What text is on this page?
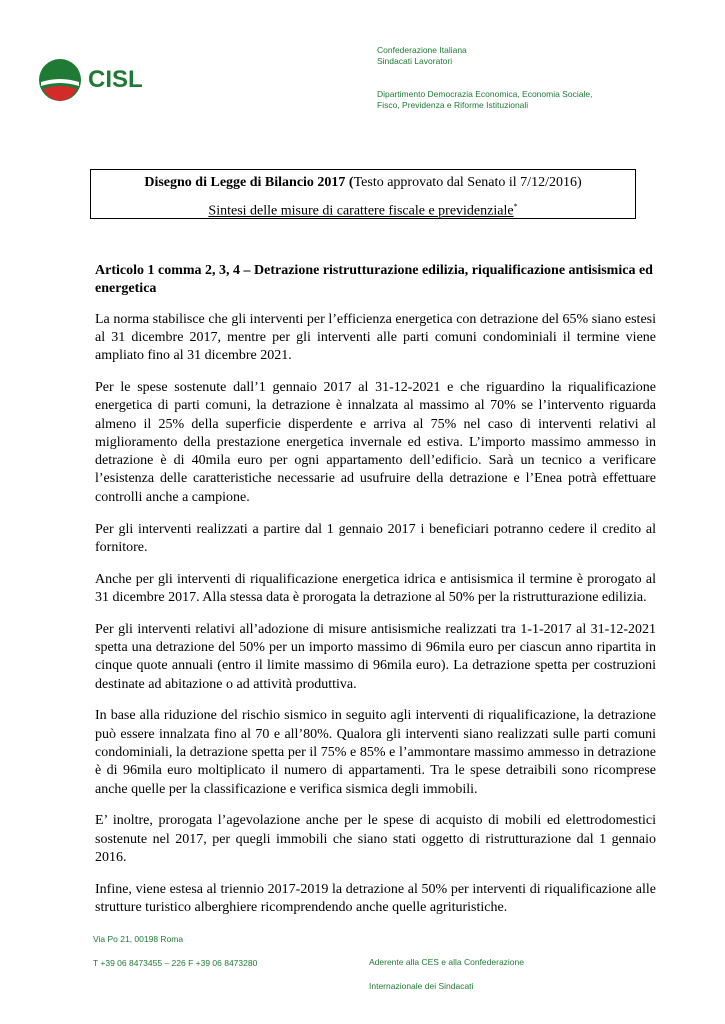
CISL
Confederazione Italiana
Sindacati Lavoratori
Dipartimento Democrazia Economica, Economia Sociale,
Fisco, Previdenza e Riforme Istituzionali
Disegno di Legge di Bilancio 2017 (Testo approvato dal Senato il 7/12/2016)
Sintesi delle misure di carattere fiscale e previdenziale*
Articolo 1 comma 2, 3, 4 – Detrazione ristrutturazione edilizia, riqualificazione antisismica ed energetica

La norma stabilisce che gli interventi per l’efficienza energetica con detrazione del 65% siano estesi al 31 dicembre 2017, mentre per gli interventi alle parti comuni condominiali il termine viene ampliato fino al 31 dicembre 2021.

Per le spese sostenute dall’1 gennaio 2017 al 31-12-2021 e che riguardino la riqualificazione energetica di parti comuni, la detrazione è innalzata al massimo al 70% se l’intervento riguarda almeno il 25% della superficie disperdente e arriva al 75% nel caso di interventi relativi al miglioramento della prestazione energetica invernale ed estiva. L’importo massimo ammesso in detrazione è di 40mila euro per ogni appartamento dell’edificio. Sarà un tecnico a verificare l’esistenza delle caratteristiche necessarie ad usufruire della detrazione e l’Enea potrà effettuare controlli anche a campione.

Per gli interventi realizzati a partire dal 1 gennaio 2017 i beneficiari potranno cedere il credito al fornitore.

Anche per gli interventi di riqualificazione energetica idrica e antisismica il termine è prorogato al 31 dicembre 2017. Alla stessa data è prorogata la detrazione al 50% per la ristrutturazione edilizia.

Per gli interventi relativi all’adozione di misure antisismiche realizzati tra 1-1-2017 al 31-12-2021 spetta una detrazione del 50% per un importo massimo di 96mila euro per ciascun anno ripartita in cinque quote annuali (entro il limite massimo di 96mila euro). La detrazione spetta per costruzioni destinate ad abitazione o ad attività produttiva.

In base alla riduzione del rischio sismico in seguito agli interventi di riqualificazione, la detrazione può essere innalzata fino al 70 e all’80%. Qualora gli interventi siano realizzati sulle parti comuni condominiali, la detrazione spetta per il 75% e 85% e l’ammontare massimo ammesso in detrazione è di 96mila euro moltiplicato il numero di appartamenti. Tra le spese detraibili sono ricomprese anche quelle per la classificazione e verifica sismica degli immobili.

E’ inoltre, prorogata l’agevolazione anche per le spese di acquisto di mobili ed elettrodomestici sostenute nel 2017, per quegli immobili che siano stati oggetto di ristrutturazione dal 1 gennaio 2016.

Infine, viene estesa al triennio 2017-2019 la detrazione al 50% per interventi di riqualificazione alle strutture turistico alberghiere ricomprendendo anche quelle agrituristiche.

Via Po 21, 00198 Roma
T +39 06 8473455 – 226 F +39 06 8473280	Aderente alla CES e alla Confederazione
Internazionale dei Sindacati
